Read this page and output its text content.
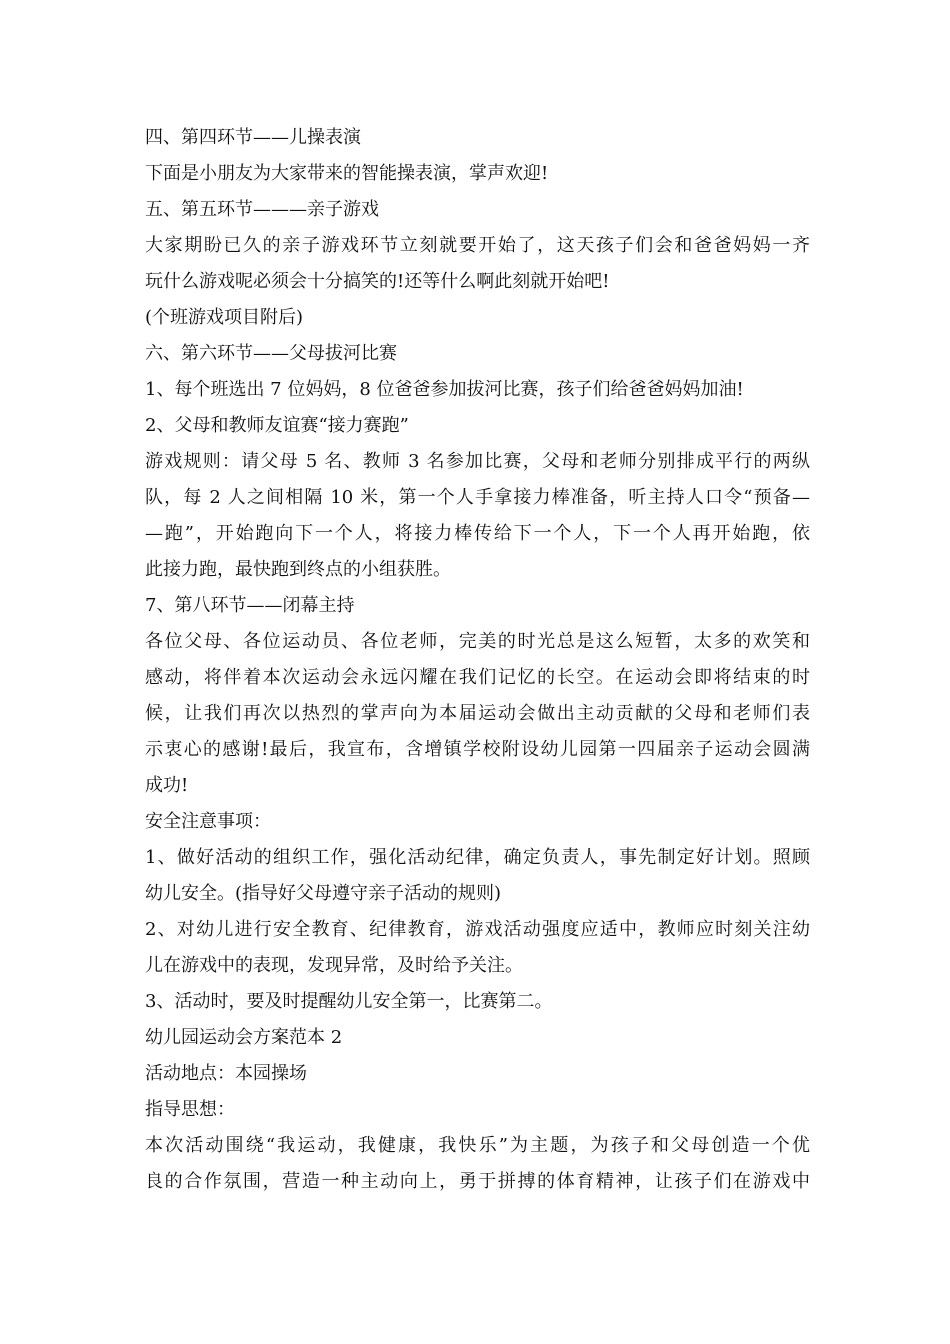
四、第四环节——儿操表演
下面是小朋友为大家带来的智能操表演，掌声欢迎!
五、第五环节———亲子游戏
大家期盼已久的亲子游戏环节立刻就要开始了，这天孩子们会和爸爸妈妈一齐
玩什么游戏呢必须会十分搞笑的!还等什么啊此刻就开始吧!
(个班游戏项目附后)
六、第六环节——父母拔河比赛
1、每个班选出 7 位妈妈，8 位爸爸参加拔河比赛，孩子们给爸爸妈妈加油!
2、父母和教师友谊赛“接力赛跑”
游戏规则：请父母 5 名、教师 3 名参加比赛，父母和老师分别排成平行的两纵
队，每 2 人之间相隔 10 米，第一个人手拿接力棒准备，听主持人口令“预备—
—跑”，开始跑向下一个人，将接力棒传给下一个人，下一个人再开始跑，依
此接力跑，最快跑到终点的小组获胜。
7、第八环节——闭幕主持
各位父母、各位运动员、各位老师，完美的时光总是这么短暂，太多的欢笑和
感动，将伴着本次运动会永远闪耀在我们记忆的长空。在运动会即将结束的时
候，让我们再次以热烈的掌声向为本届运动会做出主动贡献的父母和老师们表
示衷心的感谢!最后，我宣布，含增镇学校附设幼儿园第一四届亲子运动会圆满
成功!
安全注意事项：
1、做好活动的组织工作，强化活动纪律，确定负责人，事先制定好计划。照顾
幼儿安全。(指导好父母遵守亲子活动的规则)
2、对幼儿进行安全教育、纪律教育，游戏活动强度应适中，教师应时刻关注幼
儿在游戏中的表现，发现异常，及时给予关注。
3、活动时，要及时提醒幼儿安全第一，比赛第二。
幼儿园运动会方案范本 2
活动地点：本园操场
指导思想：
本次活动围绕“我运动，我健康，我快乐”为主题，为孩子和父母创造一个优
良的合作氛围，营造一种主动向上，勇于拼搏的体育精神，让孩子们在游戏中
